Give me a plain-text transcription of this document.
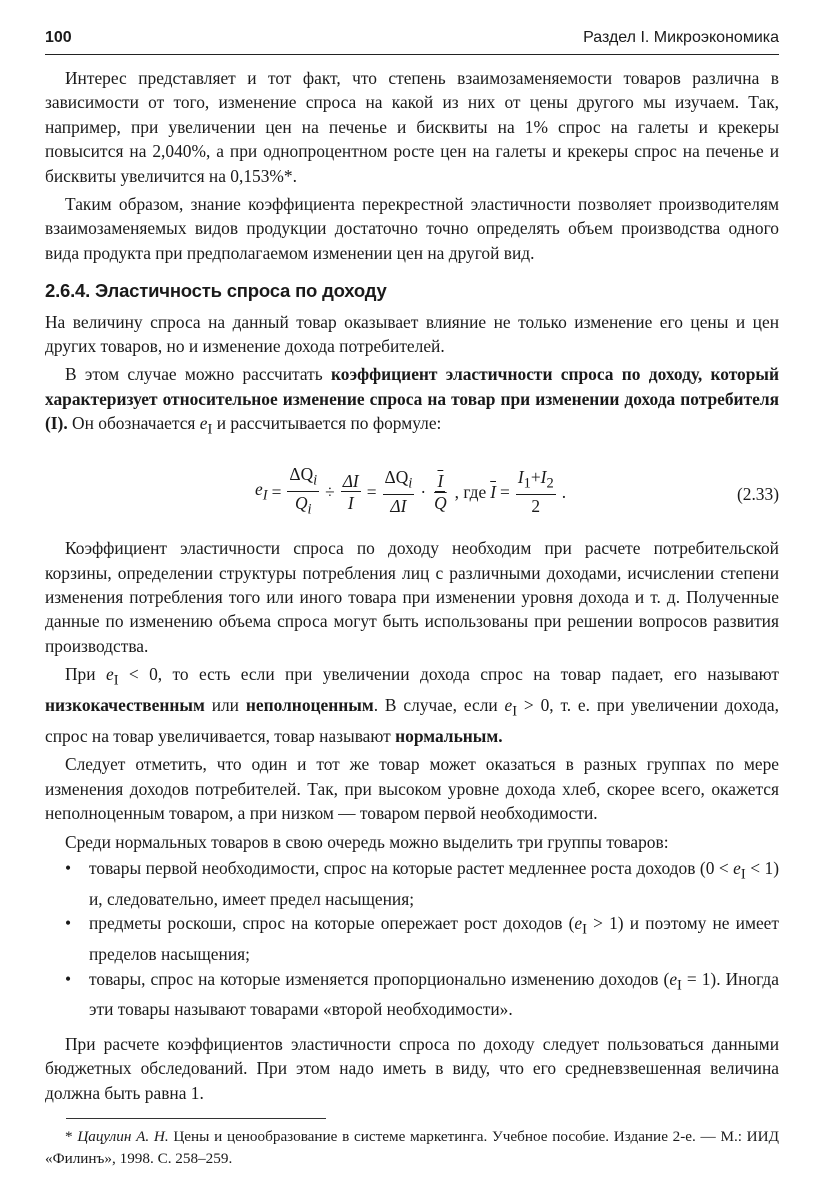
100	Раздел I. Микроэкономика

Интерес представляет и тот факт, что степень взаимозаменяемости товаров различна в зависимости от того, изменение спроса на какой из них от цены другого мы изучаем. Так, например, при увеличении цен на печенье и бисквиты на 1% спрос на галеты и крекеры повысится на 2,040%, а при однопроцентном росте цен на галеты и крекеры спрос на печенье и бисквиты увеличится на 0,153%*.

Таким образом, знание коэффициента перекрестной эластичности позволяет производителям взаимозаменяемых видов продукции достаточно точно определять объем производства одного вида продукта при предполагаемом изменении цен на другой вид.

2.6.4. Эластичность спроса по доходу

На величину спроса на данный товар оказывает влияние не только изменение его цены и цен других товаров, но и изменение дохода потребителей.

В этом случае можно рассчитать коэффициент эластичности спроса по доходу, который характеризует относительное изменение спроса на товар при изменении дохода потребителя (I). Он обозначается $e_I$ и рассчитывается по формуле:

$e_I = \frac{\Delta Q_i}{Q_i} \div \frac{\Delta I}{I} = \frac{\Delta Q_i}{\Delta I} \cdot \frac{\overline{I}}{Q}$ , где $\overline{I} = \frac{I_1+I_2}{2}$ .	(2.33)

Коэффициент эластичности спроса по доходу необходим при расчете потребительской корзины, определении структуры потребления лиц с различными доходами, исчислении степени изменения потребления того или иного товара при изменении уровня дохода и т. д. Полученные данные по изменению объема спроса могут быть использованы при решении вопросов развития производства.

При $e_I < 0$, то есть если при увеличении дохода спрос на товар падает, его называют низкокачественным или неполноценным. В случае, если $e_I > 0$, т. е. при увеличении дохода, спрос на товар увеличивается, товар называют нормальным.

Следует отметить, что один и тот же товар может оказаться в разных группах по мере изменения доходов потребителей. Так, при высоком уровне дохода хлеб, скорее всего, окажется неполноценным товаром, а при низком — товаром первой необходимости.

Среди нормальных товаров в свою очередь можно выделить три группы товаров:

• товары первой необходимости, спрос на которые растет медленнее роста доходов $(0 < e_I < 1)$ и, следовательно, имеет предел насыщения;
• предметы роскоши, спрос на которые опережает рост доходов $(e_I > 1)$ и поэтому не имеет пределов насыщения;
• товары, спрос на которые изменяется пропорционально изменению доходов $(e_I = 1)$. Иногда эти товары называют товарами «второй необходимости».

При расчете коэффициентов эластичности спроса по доходу следует пользоваться данными бюджетных обследований. При этом надо иметь в виду, что его средневзвешенная величина должна быть равна 1.

* Цацулин А. Н. Цены и ценообразование в системе маркетинга. Учебное пособие. Издание 2-е. — М.: ИИД «Филинъ», 1998. С. 258–259.
